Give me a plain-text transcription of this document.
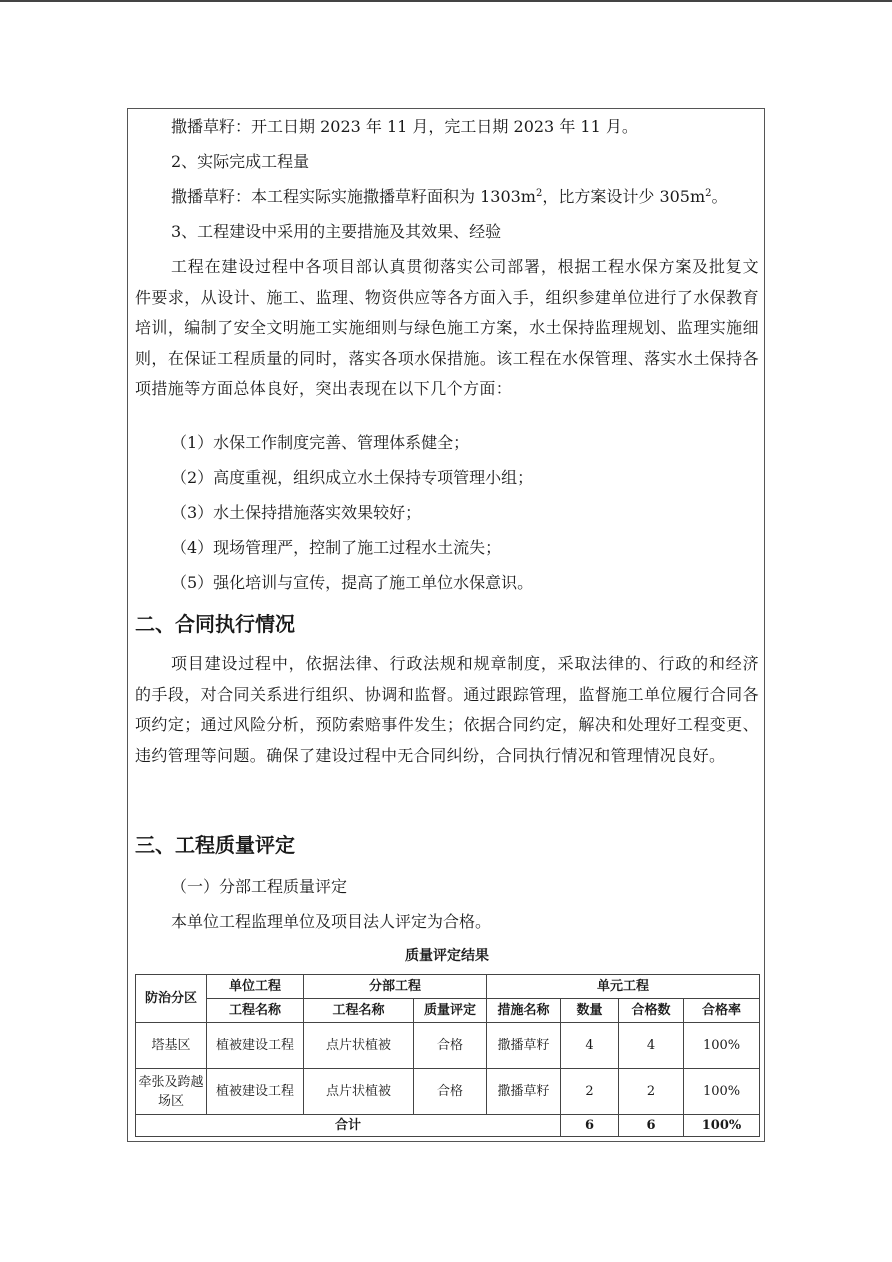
撒播草籽：开工日期 2023 年 11 月，完工日期 2023 年 11 月。

2、实际完成工程量

撒播草籽：本工程实际实施撒播草籽面积为 $1303m^2$，比方案设计少 $305m^2$。

3、工程建设中采用的主要措施及其效果、经验

工程在建设过程中各项目部认真贯彻落实公司部署，根据工程水保方案及批复文件要求，从设计、施工、监理、物资供应等各方面入手，组织参建单位进行了水保教育培训，编制了安全文明施工实施细则与绿色施工方案，水土保持监理规划、监理实施细则，在保证工程质量的同时，落实各项水保措施。该工程在水保管理、落实水土保持各项措施等方面总体良好，突出表现在以下几个方面：

（1）水保工作制度完善、管理体系健全；

（2）高度重视，组织成立水土保持专项管理小组；

（3）水土保持措施落实效果较好；

（4）现场管理严，控制了施工过程水土流失；

（5）强化培训与宣传，提高了施工单位水保意识。

二、合同执行情况

项目建设过程中，依据法律、行政法规和规章制度，采取法律的、行政的和经济的手段，对合同关系进行组织、协调和监督。通过跟踪管理，监督施工单位履行合同各项约定；通过风险分析，预防索赔事件发生；依据合同约定，解决和处理好工程变更、违约管理等问题。确保了建设过程中无合同纠纷，合同执行情况和管理情况良好。

三、工程质量评定

（一）分部工程质量评定

本单位工程监理单位及项目法人评定为合格。

质量评定结果

防治分区	单位工程	分部工程		单元工程			
	工程名称	工程名称	质量评定	措施名称	数量	合格数	合格率
塔基区	植被建设工程	点片状植被	合格	撒播草籽	4	4	100%
牵张及跨越场区	植被建设工程	点片状植被	合格	撒播草籽	2	2	100%
合计					6	6	100%
